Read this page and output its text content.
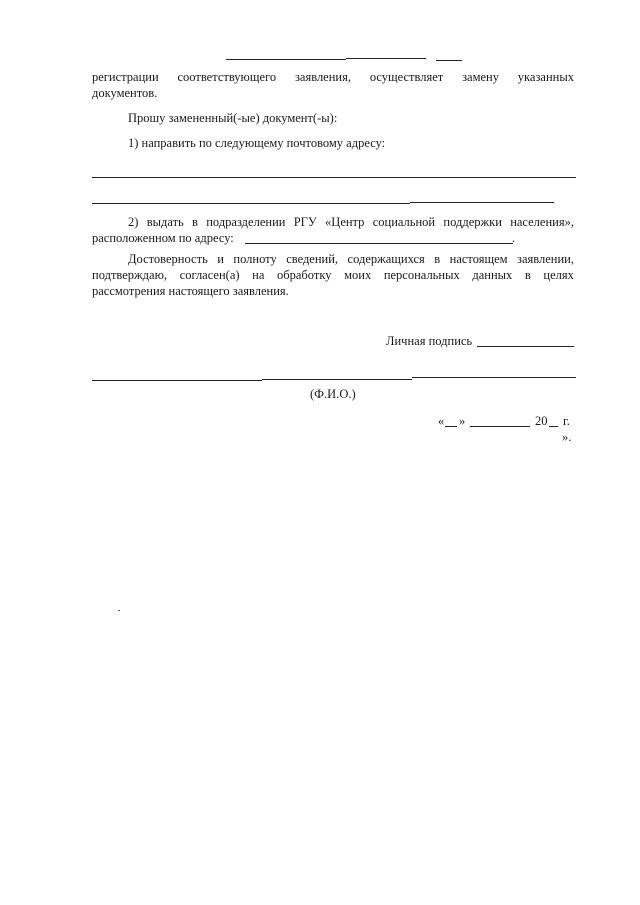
регистрации соответствующего заявления, осуществляет замену указанных
документов.
Прошу замененный(-ые) документ(-ы):
1) направить по следующему почтовому адресу:
2) выдать в подразделении РГУ «Центр социальной поддержки населения»,
расположенном по адресу:	.
Достоверность и полноту сведений, содержащихся в настоящем заявлении,
подтверждаю, согласен(а) на обработку моих персональных данных в целях
рассмотрения настоящего заявления.
Личная подпись
(Ф.И.О.)
« »	20 г.
».
